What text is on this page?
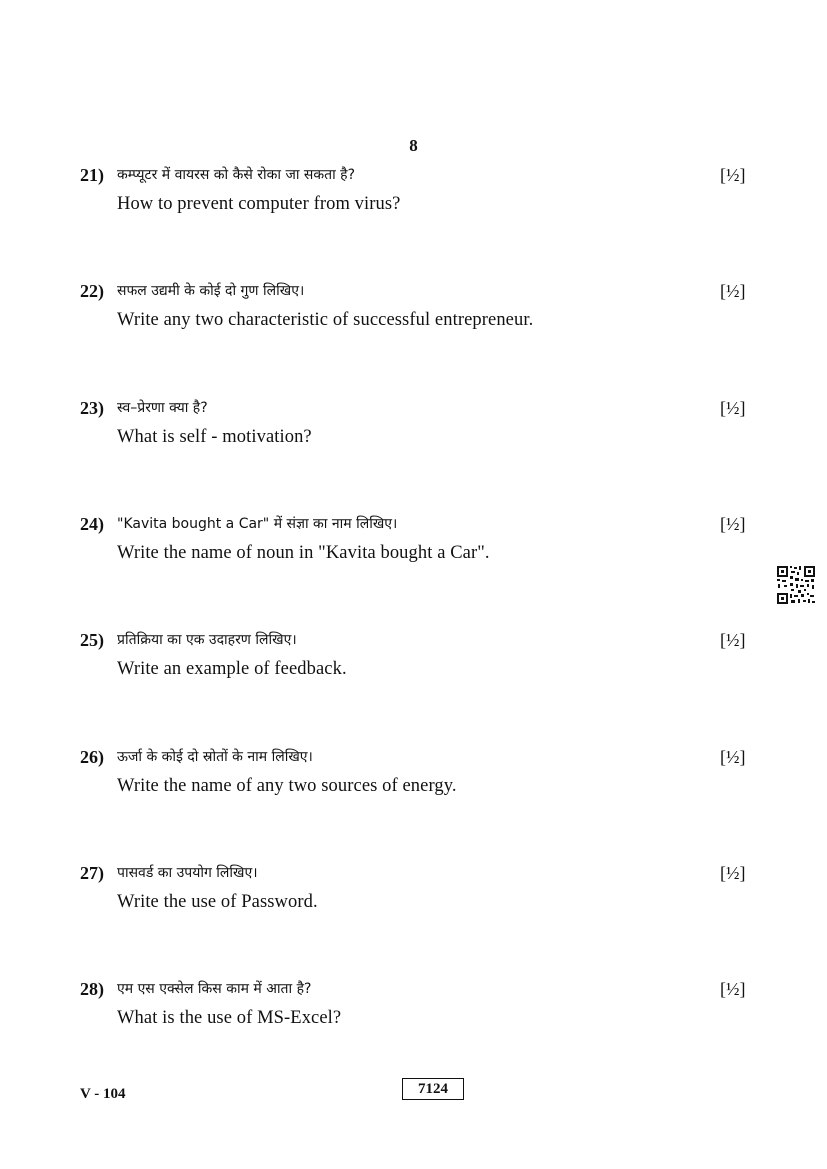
8
21) कम्प्यूटर में वायरस को कैसे रोका जा सकता है?	[½]
How to prevent computer from virus?
22) सफल उद्यमी के कोई दो गुण लिखिए।	[½]
Write any two characteristic of successful entrepreneur.
23) स्व–प्रेरणा क्या है?	[½]
What is self - motivation?
24) "Kavita bought a Car" में संज्ञा का नाम लिखिए।	[½]
Write the name of noun in "Kavita bought a Car".
25) प्रतिक्रिया का एक उदाहरण लिखिए।	[½]
Write an example of feedback.
26) ऊर्जा के कोई दो स्रोतों के नाम लिखिए।	[½]
Write the name of any two sources of energy.
27) पासवर्ड का उपयोग लिखिए।	[½]
Write the use of Password.
28) एम एस एक्सेल किस काम में आता है?	[½]
What is the use of MS-Excel?
V - 104	7124
